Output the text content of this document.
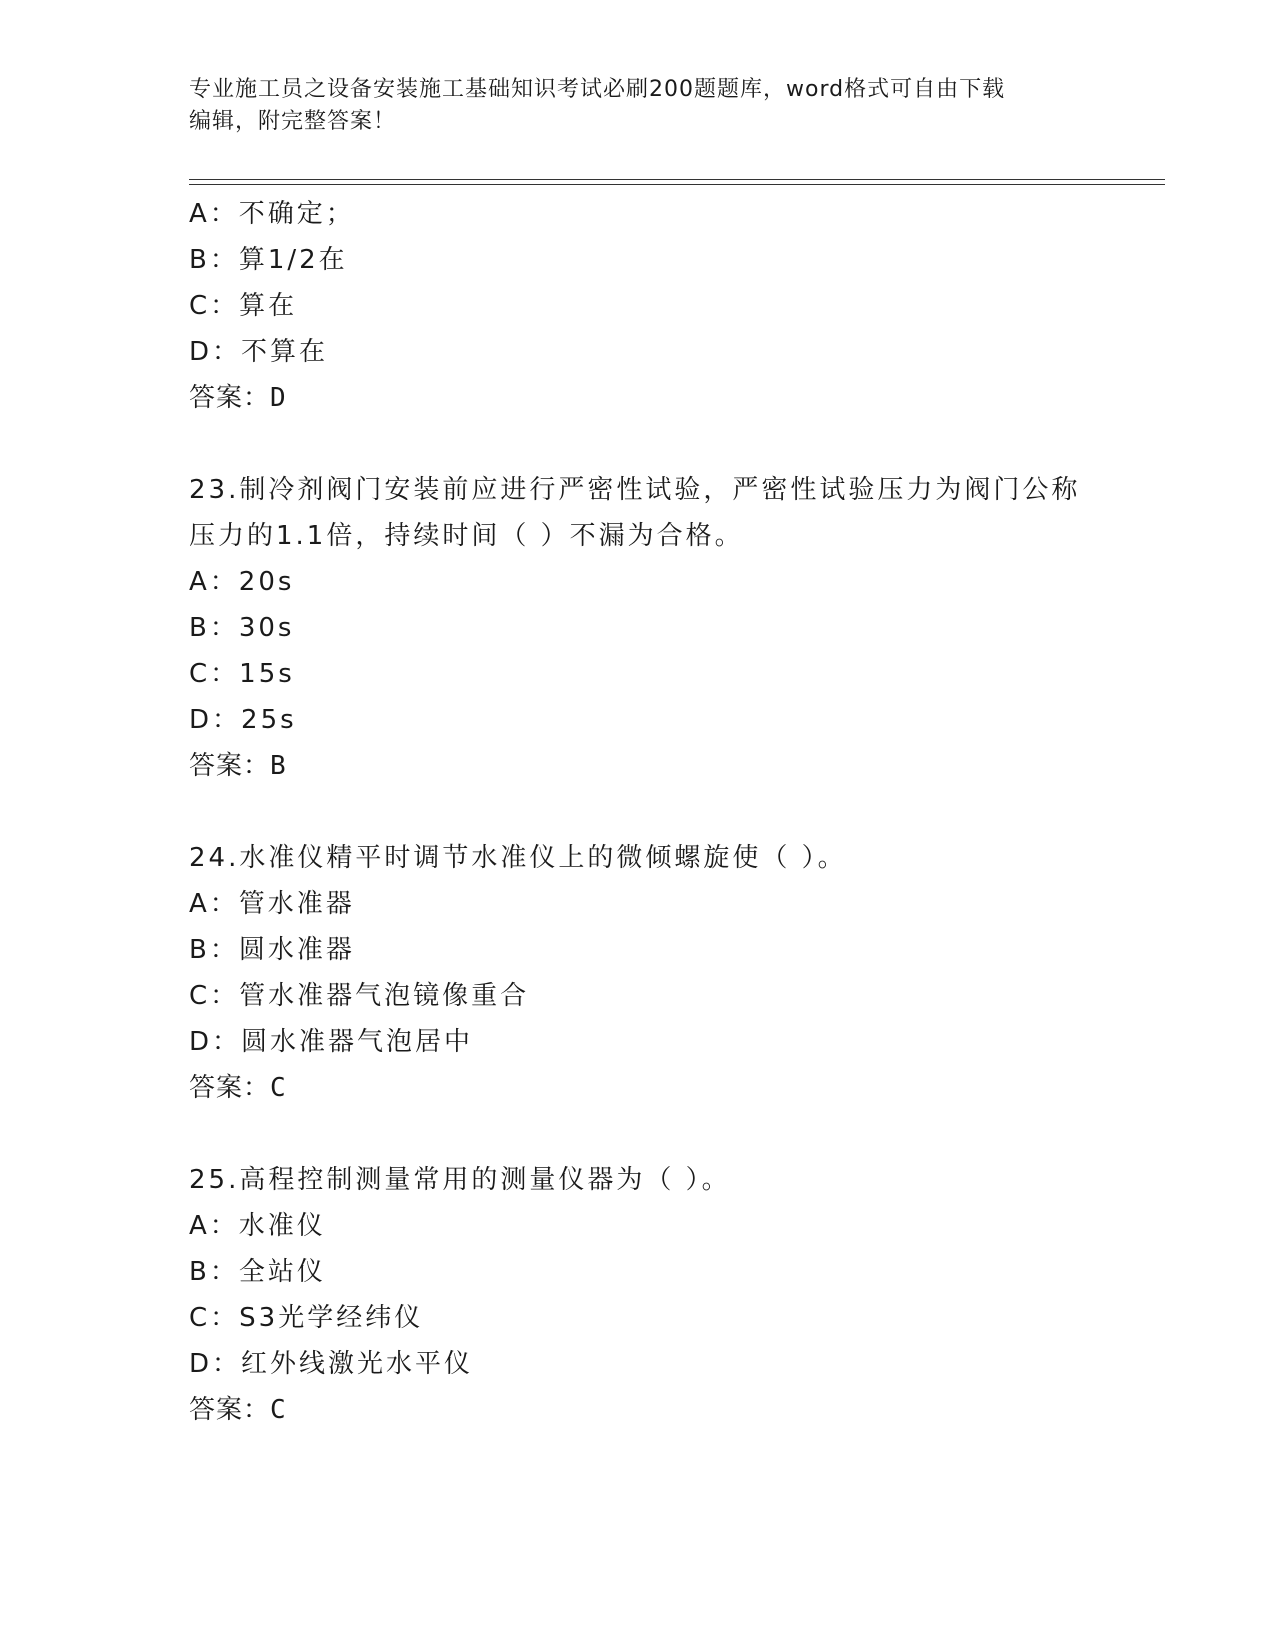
专业施工员之设备安装施工基础知识考试必刷200题题库，word格式可自由下载
编辑，附完整答案！
A：不确定；
B：算1/2在
C：算在
D：不算在
答案：D
23.制冷剂阀门安装前应进行严密性试验，严密性试验压力为阀门公称
压力的1.1倍，持续时间（ ）不漏为合格。
A：20s
B：30s
C：15s
D：25s
答案：B
24.水准仪精平时调节水准仪上的微倾螺旋使（ ）。
A：管水准器
B：圆水准器
C：管水准器气泡镜像重合
D：圆水准器气泡居中
答案：C
25.高程控制测量常用的测量仪器为（ ）。
A：水准仪
B：全站仪
C：S3光学经纬仪
D：红外线激光水平仪
答案：C
